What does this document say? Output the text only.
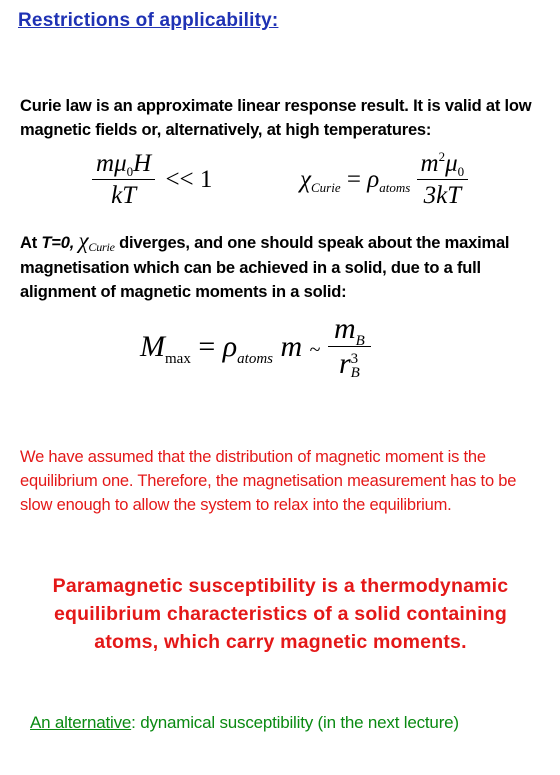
Restrictions of applicability:
Curie law is an approximate linear response result. It is valid at low magnetic fields or, alternatively, at high temperatures:
$\frac{m\mu_0H}{kT} << 1$	$\chi_{Curie} = \rho_{atoms} \frac{m^2\mu_0}{3kT}$
At T=0, χCurie diverges, and one should speak about the maximal magnetisation which can be achieved in a solid, due to a full alignment of magnetic moments in a solid:
$M_{max} = \rho_{atoms}$ m ~ $m_B$
r 3
B
We have assumed that the distribution of magnetic moment is the equilibrium one. Therefore, the magnetisation measurement has to be slow enough to allow the system to relax into the equilibrium.
Paramagnetic susceptibility is a thermodynamic
equilibrium characteristics of a solid containing
atoms, which carry magnetic moments.
An alternative: dynamical susceptibility (in the next lecture)
